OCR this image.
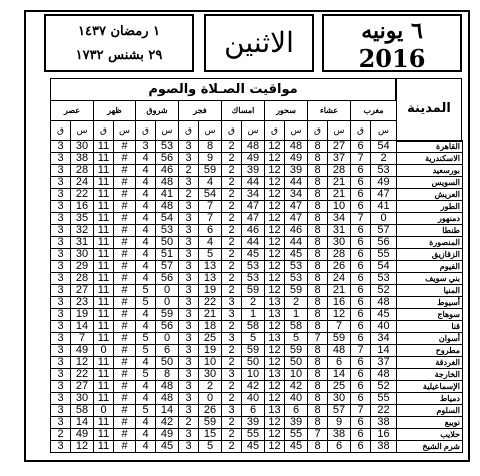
١ رمضان ١٤٣٧
٢٩ بشنس ١٧٣٢	الاثنين	٦ يونيه
2016
مواقيت الصـلاة والصوم
المدينة
عصر		ظهر		شروق		فجر		امساك		سحور		عشاء		مغرب		
ق	س	ق	س	ق	س	ق	س	ق	س	ق	س	ق	س	ق	س	
3	30	11	#	3	53	3	8	2	48	12	48	8	27	6	54	القاهرة
3	38	11	#	4	56	3	9	2	49	12	49	8	37	7	2	الاسكندرية
3	28	11	#	4	46	2	59	2	39	12	39	8	28	6	53	بورسعيد
3	24	11	#	4	48	3	4	2	44	12	44	8	21	6	49	السويس
3	22	11	#	4	41	2	54	2	34	12	34	8	21	6	47	العريش
3	16	11	#	4	48	3	7	2	47	12	47	8	10	6	41	الطور
3	35	11	#	4	54	3	7	2	47	12	47	8	34	7	0	دمنهور
3	32	11	#	4	53	3	6	2	46	12	46	8	31	6	57	طنطا
3	31	11	#	4	50	3	4	2	44	12	44	8	30	6	56	المنصورة
3	30	11	#	4	51	3	5	2	45	12	45	8	28	6	55	الزقازيق
3	29	11	#	4	57	3	13	2	53	12	53	8	26	6	54	الفيوم
3	28	11	#	4	56	3	13	2	53	12	53	8	24	6	53	بني سويف
3	27	11	#	5	0	3	19	2	59	12	59	8	21	6	52	المنيا
3	23	11	#	5	0	3	22	3	2	13	2	8	16	6	48	أسيوط
3	19	11	#	4	59	3	21	3	1	13	1	8	12	6	45	سوهاج
3	14	11	#	4	56	3	18	2	58	12	58	8	7	6	40	قنا
3	7	11	#	5	0	3	25	3	5	13	5	7	59	6	34	أسوان
3	49	0	#	5	6	3	19	2	59	12	59	8	48	7	14	مطروح
3	12	11	#	4	50	3	10	2	50	12	50	8	6	6	37	الغردقة
3	22	11	#	5	8	3	30	3	10	13	10	8	14	6	48	الخارجة
3	27	11	#	4	48	3	2	2	42	12	42	8	25	6	52	الإسماعيلية
3	30	11	#	4	48	3	0	2	40	12	40	8	30	6	55	دمياط
3	58	0	#	5	14	3	26	3	6	13	6	8	57	7	22	السلوم
3	14	11	#	4	42	2	59	2	39	12	39	8	9	6	38	نويبع
2	49	11	#	4	49	3	15	2	55	12	55	7	38	6	16	حلايب
3	12	11	#	4	45	3	5	2	45	12	45	8	6	6	38	شرم الشيخ
